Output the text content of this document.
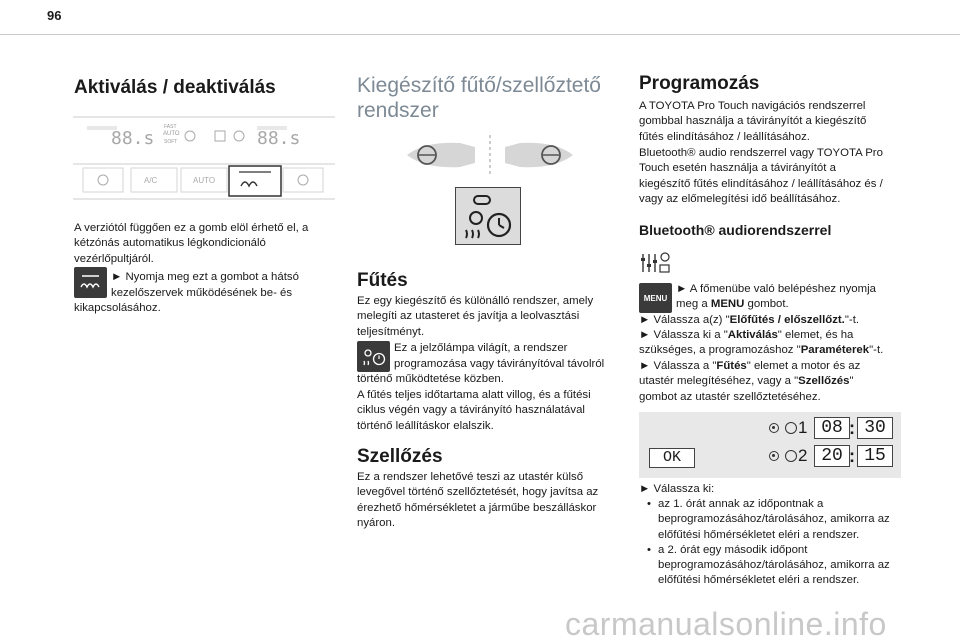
96
Aktiválás / deaktiválás
88.s	88.s
FAST
AUTO
SOFT
A/C	AUTO

A verziótól függően ez a gomb elöl érhető el, a kétzónás automatikus légkondicionáló vezérlőpultjáról.

► Nyomja meg ezt a gombot a hátsó

kezelőszervek működésének be- és

kikapcsolásához.

Kiegészítő fűtő/szellőztető
rendszer
Fűtés

Ez egy kiegészítő és különálló rendszer, amely melegíti az utasteret és javítja a leolvasztási teljesítményt.

Ez a jelzőlámpa világít, a rendszer

programozása vagy távirányítóval távolról

történő működtetése közben.

A fűtés teljes időtartama alatt villog, és a fűtési ciklus végén vagy a távirányító használatával történő leállításkor elalszik.

Szellőzés

Ez a rendszer lehetővé teszi az utastér külső levegővel történő szellőztetését, hogy javítsa az érezhető hőmérsékletet a járműbe beszálláskor nyáron.

Programozás

A TOYOTA Pro Touch navigációs rendszerrel gombbal használja a távirányítót a kiegészítő fűtés elindításához / leállításához.

Bluetooth® audio rendszerrel vagy TOYOTA Pro Touch esetén használja a távirányítót a kiegészítő fűtés elindításához / leállításához és / vagy az előmelegítési idő beállításához.

Bluetooth® audiorendszerrel
MENU

► A főmenübe való belépéshez nyomja

meg a MENU gombot.

► Válassza a(z) "Előfűtés / előszellőzt."-t.

► Válassza ki a "Aktiválás" elemet, és ha szükséges, a programozáshoz "Paraméterek"-t.

► Válassza a "Fűtés" elemet a motor és az utastér melegítéséhez, vagy a "Szellőzés" gombot az utastér szellőztetéséhez.

OK
1 08 : 30
2 20 : 15

► Válassza ki:

• az 1. órát annak az időpontnak a beprogramozásához/tárolásához, amikorra az előfűtési hőmérsékletet eléri a rendszer.
• a 2. órát egy második időpont beprogramozásához/tárolásához, amikorra az előfűtési hőmérsékletet eléri a rendszer.
carmanualsonline.info
